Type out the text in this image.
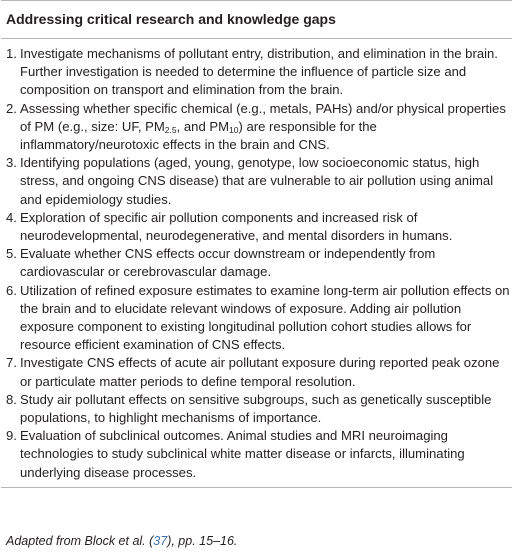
Addressing critical research and knowledge gaps
1. Investigate mechanisms of pollutant entry, distribution, and elimination in the brain. Further investigation is needed to determine the influence of particle size and composition on transport and elimination from the brain.
2. Assessing whether specific chemical (e.g., metals, PAHs) and/or physical properties of PM (e.g., size: UF, $PM_{2.5}$, and $PM_{10}$) are responsible for the inflammatory/neurotoxic effects in the brain and CNS.
3. Identifying populations (aged, young, genotype, low socioeconomic status, high stress, and ongoing CNS disease) that are vulnerable to air pollution using animal and epidemiology studies.
4. Exploration of specific air pollution components and increased risk of neurodevelopmental, neurodegenerative, and mental disorders in humans.
5. Evaluate whether CNS effects occur downstream or independently from cardiovascular or cerebrovascular damage.
6. Utilization of refined exposure estimates to examine long-term air pollution effects on the brain and to elucidate relevant windows of exposure. Adding air pollution exposure component to existing longitudinal pollution cohort studies allows for resource efficient examination of CNS effects.
7. Investigate CNS effects of acute air pollutant exposure during reported peak ozone or particulate matter periods to define temporal resolution.
8. Study air pollutant effects on sensitive subgroups, such as genetically susceptible populations, to highlight mechanisms of importance.
9. Evaluation of subclinical outcomes. Animal studies and MRI neuroimaging technologies to study subclinical white matter disease or infarcts, illuminating underlying disease processes.
Adapted from Block et al. (37), pp. 15–16.
